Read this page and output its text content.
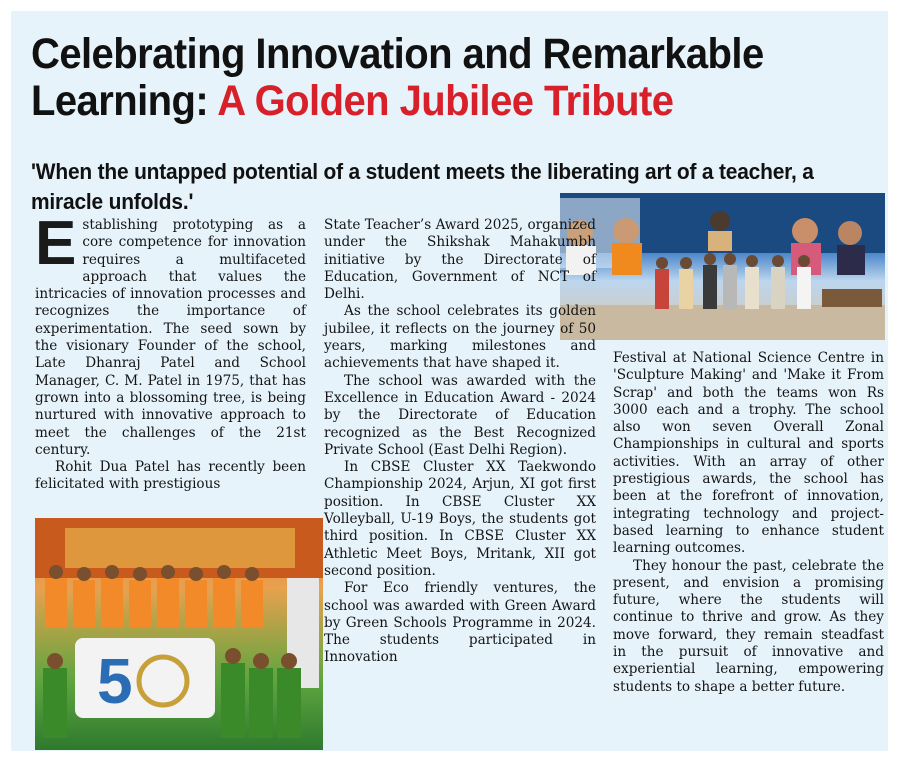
Celebrating Innovation and Remarkable
Learning: A Golden Jubilee Tribute
'When the untapped potential of a student meets the liberating art of a teacher, a miracle unfolds.'
5

Establishing prototyping as a core competence for innovation requires a multifaceted approach that values the intricacies of innovation processes and recognizes the importance of experimentation. The seed sown by the visionary Founder of the school, Late Dhanraj Patel and School Manager, C. M. Patel in 1975, that has grown into a blossoming tree, is being nurtured with innovative approach to meet the challenges of the 21st century.

Rohit Dua Patel has recently been felicitated with prestigious

State Teacher’s Award 2025, organized under the Shikshak Mahakumbh initiative by the Directorate of Education, Government of NCT of Delhi.

As the school celebrates its golden jubilee, it reflects on the journey of 50 years, marking milestones and achievements that have shaped it.

The school was awarded with the Excellence in Education Award - 2024 by the Directorate of Education recognized as the Best Recognized Private School (East Delhi Region).

In CBSE Cluster XX Taekwondo Championship 2024, Arjun, XI got first position. In CBSE Cluster XX Volleyball, U-19 Boys, the students got third position. In CBSE Cluster XX Athletic Meet Boys, Mritank, XII got second position.

For Eco friendly ventures, the school was awarded with Green Award by Green Schools Programme in 2024. The students participated in Innovation

Festival at National Science Centre in 'Sculpture Making' and 'Make it From Scrap' and both the teams won Rs 3000 each and a trophy. The school also won seven Overall Zonal Championships in cultural and sports activities. With an array of other prestigious awards, the school has been at the forefront of innovation, integrating technology and project-based learning to enhance student learning outcomes.

They honour the past, celebrate the present, and envision a promising future, where the students will continue to thrive and grow. As they move forward, they remain steadfast in the pursuit of innovative and experiential learning, empowering students to shape a better future.
